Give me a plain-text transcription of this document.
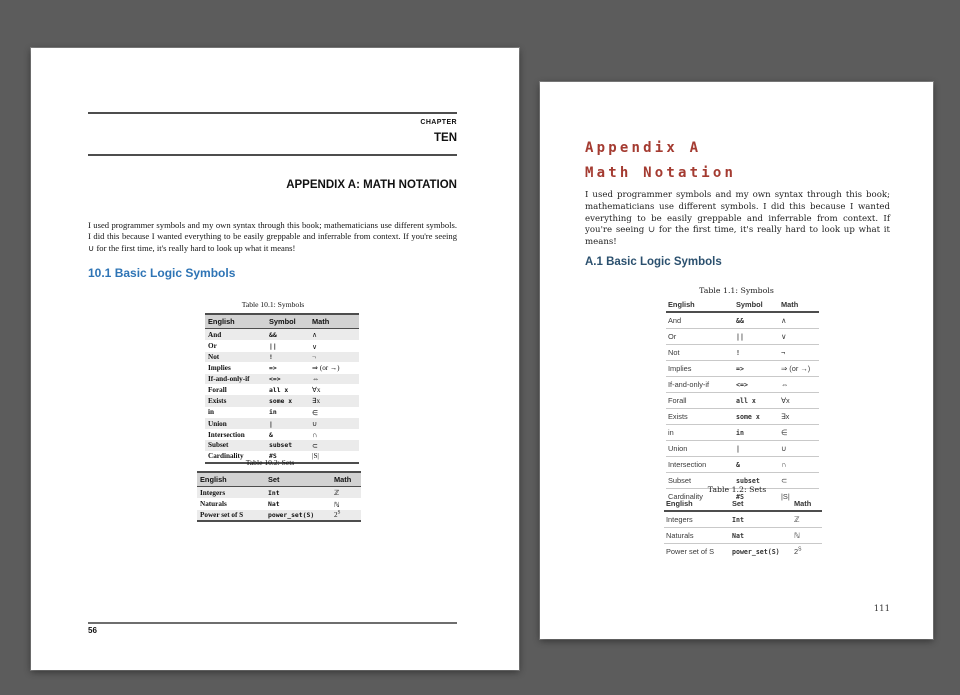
CHAPTER
TEN
APPENDIX A: MATH NOTATION
I used programmer symbols and my own syntax through this book; mathematicians use different symbols. I did this because I wanted everything to be easily greppable and inferrable from context. If you're seeing ∪ for the first time, it's really hard to look up what it means!
10.1 Basic Logic Symbols
Table 10.1: Symbols
English	Symbol	Math
And	&&	∧
Or	||	∨
Not	!	¬
Implies	=>	⇒ (or →)
If-and-only-if	<=>	⇔
Forall	all x	∀x
Exists	some x	∃x
in	in	∈
Union	|	∪
Intersection	&	∩
Subset	subset	⊂
Cardinality	#S	|S|
Table 10.2: Sets
English	Set	Math
Integers	Int	ℤ
Naturals	Nat	ℕ
Power set of S	power_set(S)	$2^S$
56
Appendix A
Math Notation
I used programmer symbols and my own syntax through this book; mathematicians use different symbols. I did this because I wanted everything to be easily greppable and inferrable from context. If you're seeing ∪ for the first time, it's really hard to look up what it means!
A.1 Basic Logic Symbols
Table 1.1: Symbols
English	Symbol	Math
And	&&	∧
Or	||	∨
Not	!	¬
Implies	=>	⇒ (or →)
If-and-only-if	<=>	⇔
Forall	all x	∀x
Exists	some x	∃x
in	in	∈
Union	|	∪
Intersection	&	∩
Subset	subset	⊂
Cardinality	#S	|S|
Table 1.2: Sets
English	Set	Math
Integers	Int	ℤ
Naturals	Nat	ℕ
Power set of S	power_set(S)	$2^S$
111
